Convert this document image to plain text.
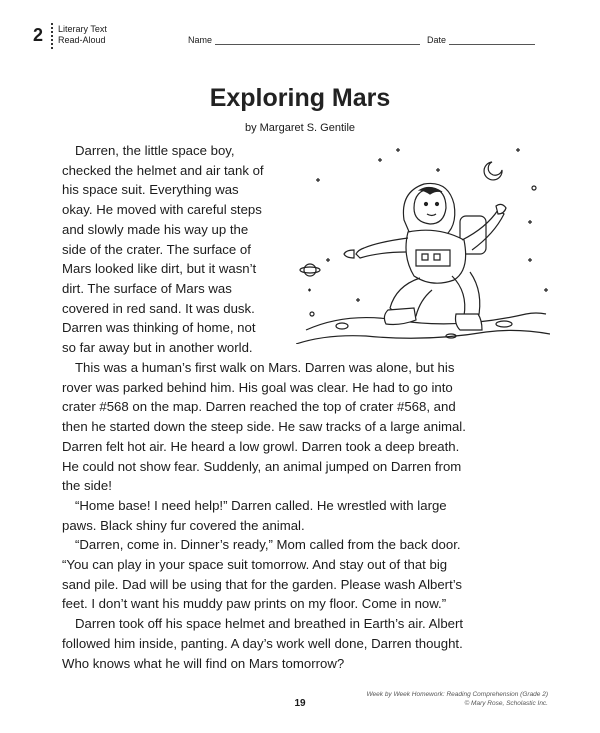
2 Literary Text
Read-Aloud	Name	Date
Exploring Mars
by Margaret S. Gentile
Darren, the little space boy,
checked the helmet and air tank of
his space suit. Everything was
okay. He moved with careful steps
and slowly made his way up the
side of the crater. The surface of
Mars looked like dirt, but it wasn’t
dirt. The surface of Mars was
covered in red sand. It was dusk.
Darren was thinking of home, not
so far away but in another world.
This was a human’s first walk on Mars. Darren was alone, but his
rover was parked behind him. His goal was clear. He had to go into
crater #568 on the map. Darren reached the top of crater #568, and
then he started down the steep side. He saw tracks of a large animal.
Darren felt hot air. He heard a low growl. Darren took a deep breath.
He could not show fear. Suddenly, an animal jumped on Darren from
the side!
“Home base! I need help!” Darren called. He wrestled with large
paws. Black shiny fur covered the animal.
“Darren, come in. Dinner’s ready,” Mom called from the back door.
“You can play in your space suit tomorrow. And stay out of that big
sand pile. Dad will be using that for the garden. Please wash Albert’s
feet. I don’t want his muddy paw prints on my floor. Come in now.”
Darren took off his space helmet and breathed in Earth’s air. Albert
followed him inside, panting. A day’s work well done, Darren thought.
Who knows what he will find on Mars tomorrow?
19
Week by Week Homework: Reading Comprehension (Grade 2)
© Mary Rose, Scholastic Inc.
